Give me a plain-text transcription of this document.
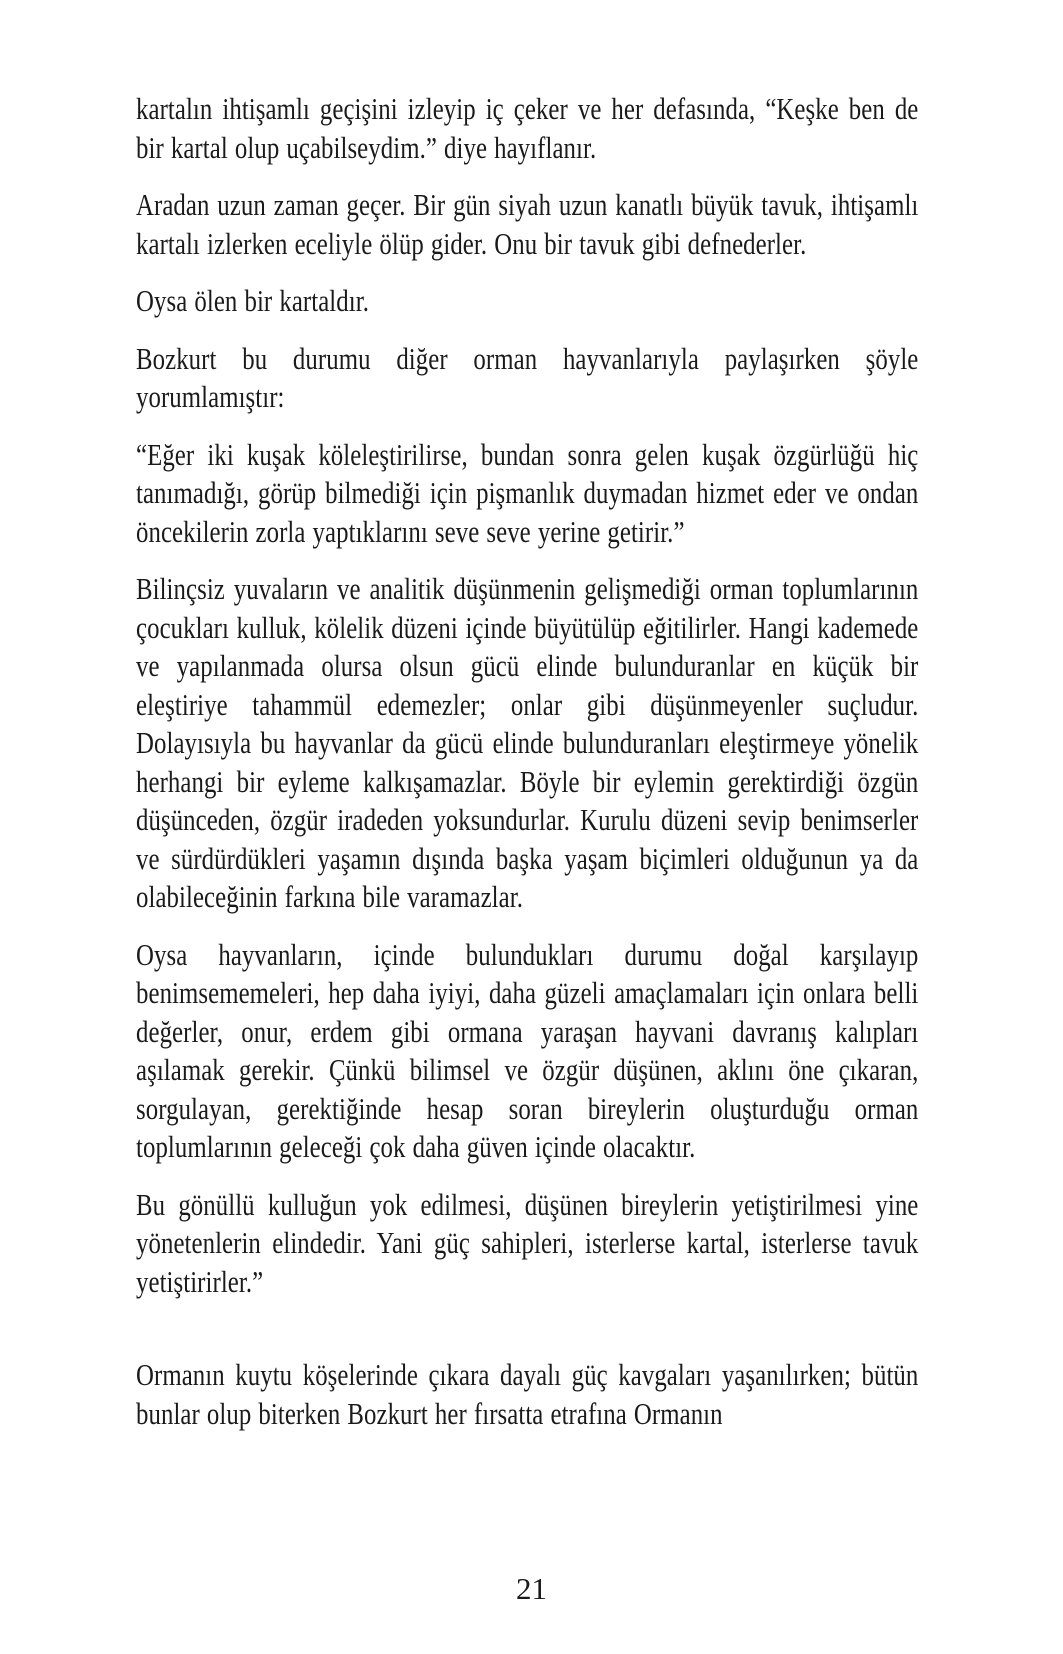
kartalın ihtişamlı geçişini izleyip iç çeker ve her defasında, “Keşke ben de bir kartal olup uçabilseydim.” diye hayıflanır.

Aradan uzun zaman geçer. Bir gün siyah uzun kanatlı büyük tavuk, ihtişamlı kartalı izlerken eceliyle ölüp gider. Onu bir tavuk gibi defnederler.

Oysa ölen bir kartaldır.

Bozkurt bu durumu diğer orman hayvanlarıyla paylaşırken şöyle yorumlamıştır:

“Eğer iki kuşak köleleştirilirse, bundan sonra gelen kuşak özgürlüğü hiç tanımadığı, görüp bilmediği için pişmanlık duymadan hizmet eder ve ondan öncekilerin zorla yaptıklarını seve seve yerine getirir.”

Bilinçsiz yuvaların ve analitik düşünmenin gelişmediği orman toplumlarının çocukları kulluk, kölelik düzeni içinde büyütülüp eğitilirler. Hangi kademede ve yapılanmada olursa olsun gücü elinde bulunduranlar en küçük bir eleştiriye tahammül edemezler; onlar gibi düşünmeyenler suçludur. Dolayısıyla bu hayvanlar da gücü elinde bulunduranları eleştirmeye yönelik herhangi bir eyleme kalkışamazlar. Böyle bir eylemin gerektirdiği özgün düşünceden, özgür iradeden yoksundurlar. Kurulu düzeni sevip benimserler ve sürdürdükleri yaşamın dışında başka yaşam biçimleri olduğunun ya da olabileceğinin farkına bile varamazlar.

Oysa hayvanların, içinde bulundukları durumu doğal karşılayıp benimsememeleri, hep daha iyiyi, daha güzeli amaçlamaları için onlara belli değerler, onur, erdem gibi ormana yaraşan hayvani davranış kalıpları aşılamak gerekir. Çünkü bilimsel ve özgür düşünen, aklını öne çıkaran, sorgulayan, gerektiğinde hesap soran bireylerin oluşturduğu orman toplumlarının geleceği çok daha güven içinde olacaktır.

Bu gönüllü kulluğun yok edilmesi, düşünen bireylerin yetiştirilmesi yine yönetenlerin elindedir. Yani güç sahipleri, isterlerse kartal, isterlerse tavuk yetiştirirler.”

Ormanın kuytu köşelerinde çıkara dayalı güç kavgaları yaşanılırken; bütün bunlar olup biterken Bozkurt her fırsatta etrafına Ormanın

21
